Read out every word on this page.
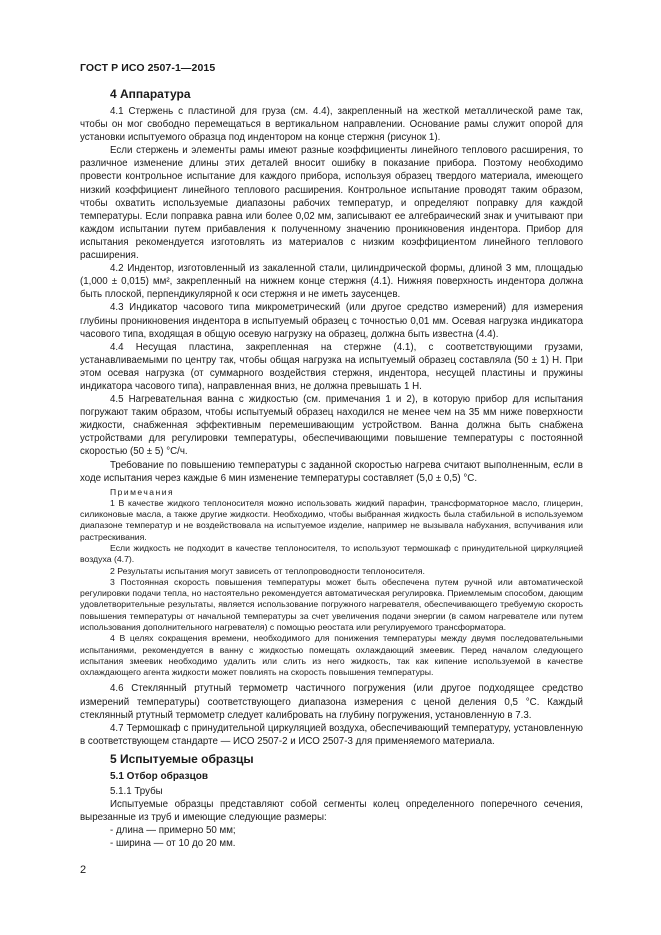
ГОСТ Р ИСО 2507-1—2015
4 Аппаратура

4.1 Стержень с пластиной для груза (см. 4.4), закрепленный на жесткой металлической раме так, чтобы он мог свободно перемещаться в вертикальном направлении. Основание рамы служит опорой для установки испытуемого образца под индентором на конце стержня (рисунок 1).

Если стержень и элементы рамы имеют разные коэффициенты линейного теплового расширения, то различное изменение длины этих деталей вносит ошибку в показание прибора. Поэтому необходимо провести контрольное испытание для каждого прибора, используя образец твердого материала, имеющего низкий коэффициент линейного теплового расширения. Контрольное испытание проводят таким образом, чтобы охватить используемые диапазоны рабочих температур, и определяют поправку для каждой температуры. Если поправка равна или более 0,02 мм, записывают ее алгебраический знак и учитывают при каждом испытании путем прибавления к полученному значению проникновения индентора. Прибор для испытания рекомендуется изготовлять из материалов с низким коэффициентом линейного теплового расширения.

4.2 Индентор, изготовленный из закаленной стали, цилиндрической формы, длиной 3 мм, площадью (1,000 ± 0,015) мм², закрепленный на нижнем конце стержня (4.1). Нижняя поверхность индентора должна быть плоской, перпендикулярной к оси стержня и не иметь заусенцев.

4.3 Индикатор часового типа микрометрический (или другое средство измерений) для измерения глубины проникновения индентора в испытуемый образец с точностью 0,01 мм. Осевая нагрузка индикатора часового типа, входящая в общую осевую нагрузку на образец, должна быть известна (4.4).

4.4 Несущая пластина, закрепленная на стержне (4.1), с соответствующими грузами, устанавливаемыми по центру так, чтобы общая нагрузка на испытуемый образец составляла (50 ± 1) Н. При этом осевая нагрузка (от суммарного воздействия стержня, индентора, несущей пластины и пружины индикатора часового типа), направленная вниз, не должна превышать 1 Н.

4.5 Нагревательная ванна с жидкостью (см. примечания 1 и 2), в которую прибор для испытания погружают таким образом, чтобы испытуемый образец находился не менее чем на 35 мм ниже поверхности жидкости, снабженная эффективным перемешивающим устройством. Ванна должна быть снабжена устройствами для регулировки температуры, обеспечивающими повышение температуры с постоянной скоростью (50 ± 5) °С/ч.

Требование по повышению температуры с заданной скоростью нагрева считают выполненным, если в ходе испытания через каждые 6 мин изменение температуры составляет (5,0 ± 0,5) °С.

Примечания

1 В качестве жидкого теплоносителя можно использовать жидкий парафин, трансформаторное масло, глицерин, силиконовые масла, а также другие жидкости. Необходимо, чтобы выбранная жидкость была стабильной в используемом диапазоне температур и не воздействовала на испытуемое изделие, например не вызывала набухания, вспучивания или растрескивания.

Если жидкость не подходит в качестве теплоносителя, то используют термошкаф с принудительной циркуляцией воздуха (4.7).

2 Результаты испытания могут зависеть от теплопроводности теплоносителя.

3 Постоянная скорость повышения температуры может быть обеспечена путем ручной или автоматической регулировки подачи тепла, но настоятельно рекомендуется автоматическая регулировка. Приемлемым способом, дающим удовлетворительные результаты, является использование погружного нагревателя, обеспечивающего требуемую скорость повышения температуры от начальной температуры за счет увеличения подачи энергии (в самом нагревателе или путем использования дополнительного нагревателя) с помощью реостата или регулируемого трансформатора.

4 В целях сокращения времени, необходимого для понижения температуры между двумя последовательными испытаниями, рекомендуется в ванну с жидкостью помещать охлаждающий змеевик. Перед началом следующего испытания змеевик необходимо удалить или слить из него жидкость, так как кипение используемой в качестве охлаждающего агента жидкости может повлиять на скорость повышения температуры.

4.6 Стеклянный ртутный термометр частичного погружения (или другое подходящее средство измерений температуры) соответствующего диапазона измерения с ценой деления 0,5 °С. Каждый стеклянный ртутный термометр следует калибровать на глубину погружения, установленную в 7.3.

4.7 Термошкаф с принудительной циркуляцией воздуха, обеспечивающий температуру, установленную в соответствующем стандарте — ИСО 2507-2 и ИСО 2507-3 для применяемого материала.

5 Испытуемые образцы
5.1 Отбор образцов

5.1.1 Трубы

Испытуемые образцы представляют собой сегменты колец определенного поперечного сечения, вырезанные из труб и имеющие следующие размеры:

- длина — примерно 50 мм;
- ширина — от 10 до 20 мм.
2
